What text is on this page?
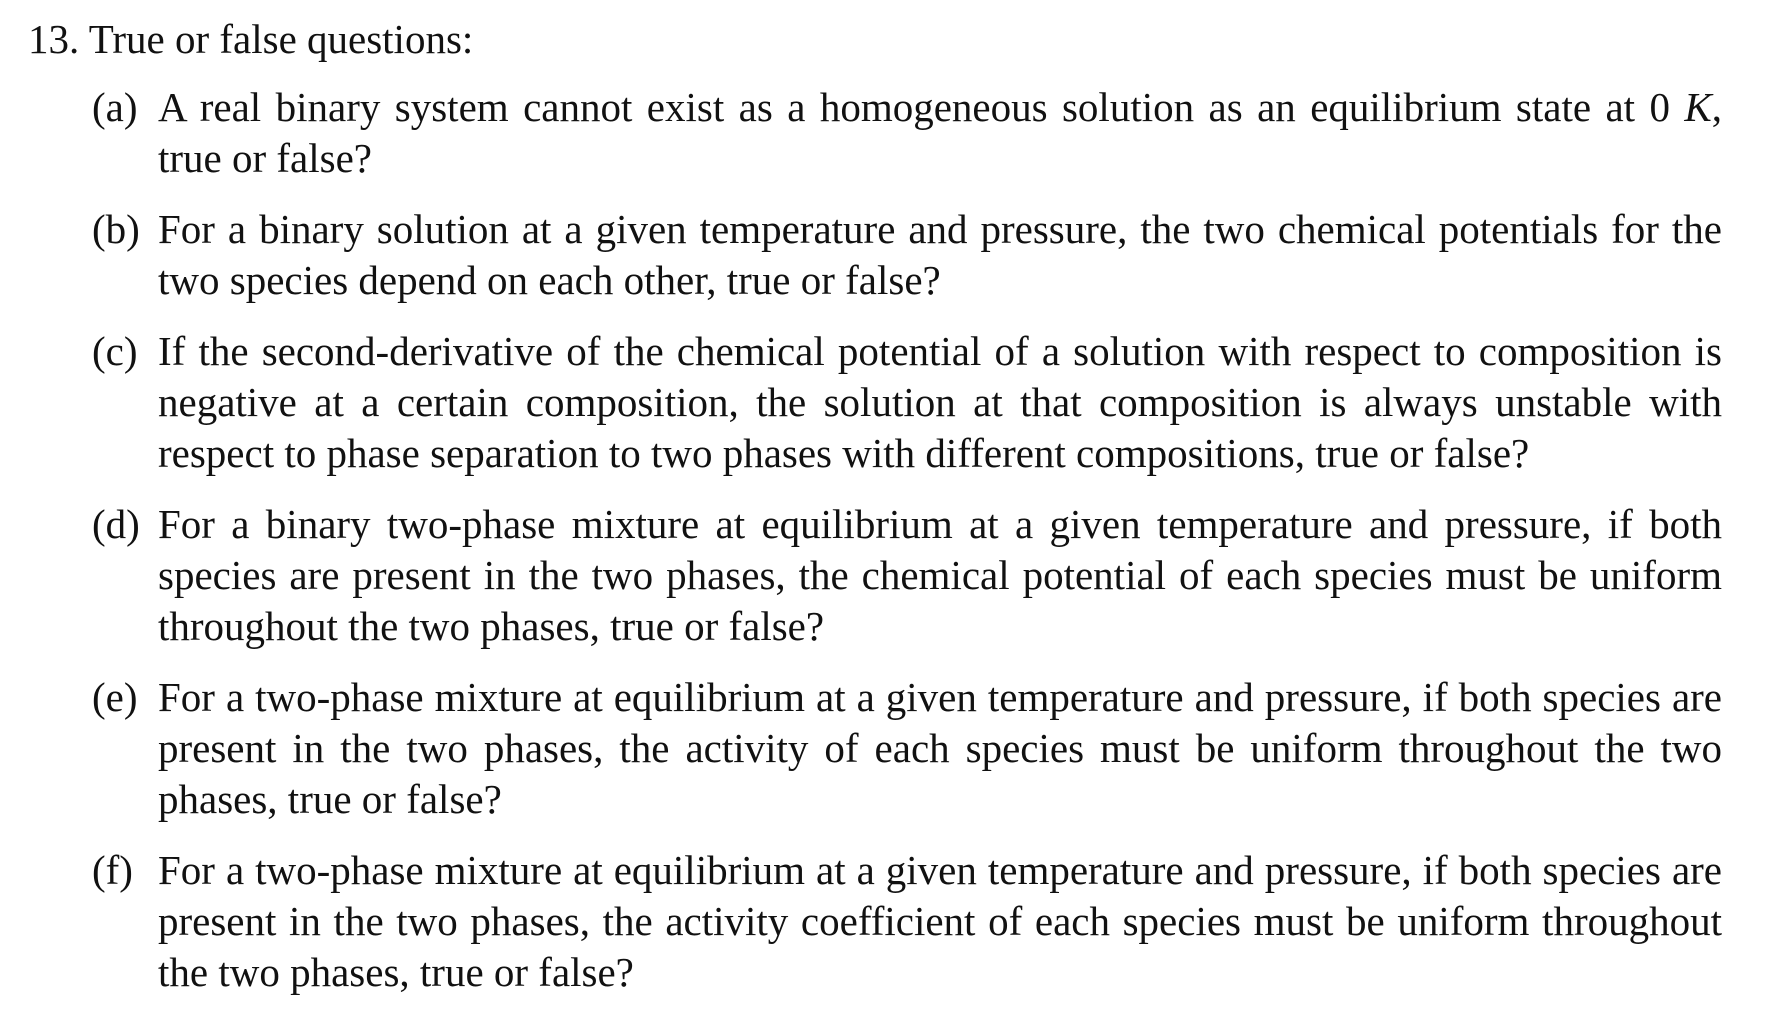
13. True or false questions:
(a) A real binary system cannot exist as a homogeneous solution as an equilibrium state at 0 K, true or false?
(b) For a binary solution at a given temperature and pressure, the two chemical potentials for the two species depend on each other, true or false?
(c) If the second-derivative of the chemical potential of a solution with respect to composition is negative at a certain composition, the solution at that composition is always unstable with respect to phase separation to two phases with different compositions, true or false?
(d) For a binary two-phase mixture at equilibrium at a given temperature and pressure, if both species are present in the two phases, the chemical potential of each species must be uniform throughout the two phases, true or false?
(e) For a two-phase mixture at equilibrium at a given temperature and pressure, if both species are present in the two phases, the activity of each species must be uniform throughout the two phases, true or false?
(f) For a two-phase mixture at equilibrium at a given temperature and pressure, if both species are present in the two phases, the activity coefficient of each species must be uniform throughout the two phases, true or false?
